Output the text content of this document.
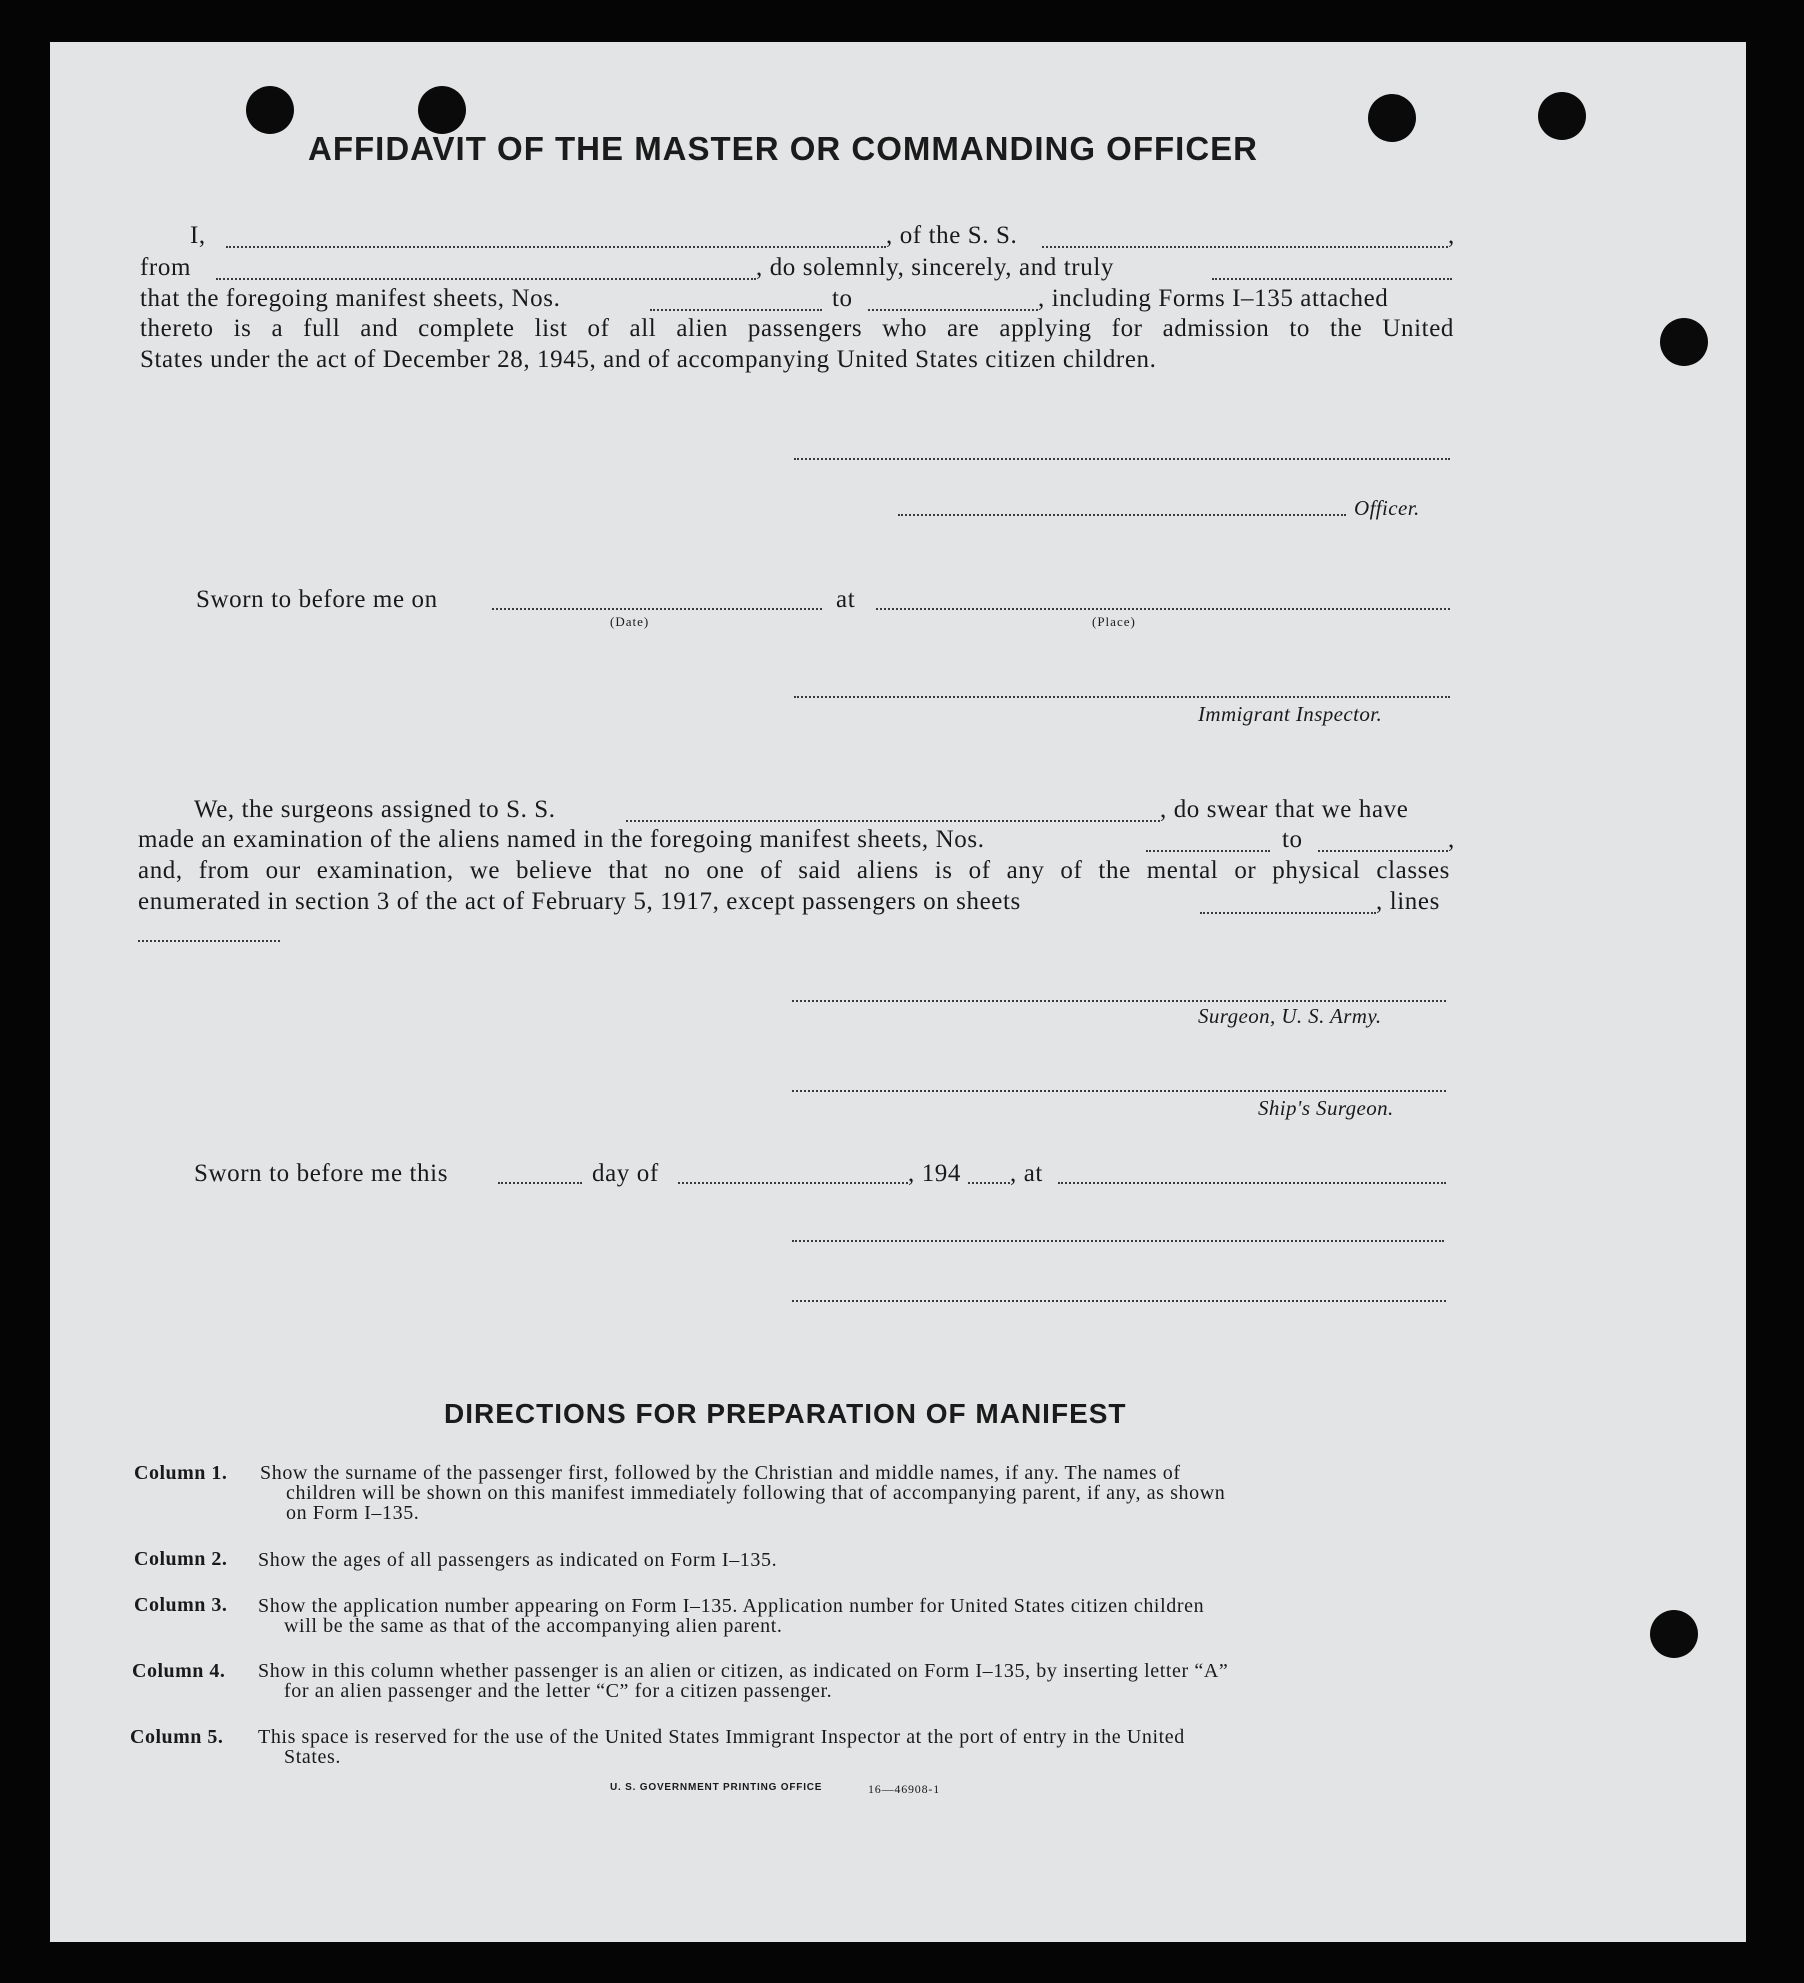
AFFIDAVIT OF THE MASTER OR COMMANDING OFFICER
I,	, of the S. S.	,
from	, do solemnly, sincerely, and truly
that the foregoing manifest sheets, Nos.	to	, including Forms I–135 attached
thereto is a full and complete list of all alien passengers who are applying for admission to the United
States under the act of December 28, 1945, and of accompanying United States citizen children.
Officer.
Sworn to before me on
(Date)
at
(Place)
Immigrant Inspector.
We, the surgeons assigned to S. S.	, do swear that we have
made an examination of the aliens named in the foregoing manifest sheets, Nos.	to	,
and, from our examination, we believe that no one of said aliens is of any of the mental or physical classes
enumerated in section 3 of the act of February 5, 1917, except passengers on sheets	, lines
Surgeon, U. S. Army.
Ship's Surgeon.
Sworn to before me this	day of	, 194 , at
DIRECTIONS FOR PREPARATION OF MANIFEST
Column 1. Show the surname of the passenger first, followed by the Christian and middle names, if any. The names of
children will be shown on this manifest immediately following that of accompanying parent, if any, as shown
on Form I–135.
Column 2. Show the ages of all passengers as indicated on Form I–135.
Column 3. Show the application number appearing on Form I–135. Application number for United States citizen children
will be the same as that of the accompanying alien parent.
Column 4. Show in this column whether passenger is an alien or citizen, as indicated on Form I–135, by inserting letter “A”
for an alien passenger and the letter “C” for a citizen passenger.
Column 5. This space is reserved for the use of the United States Immigrant Inspector at the port of entry in the United
States.
U. S. GOVERNMENT PRINTING OFFICE	16—46908-1
